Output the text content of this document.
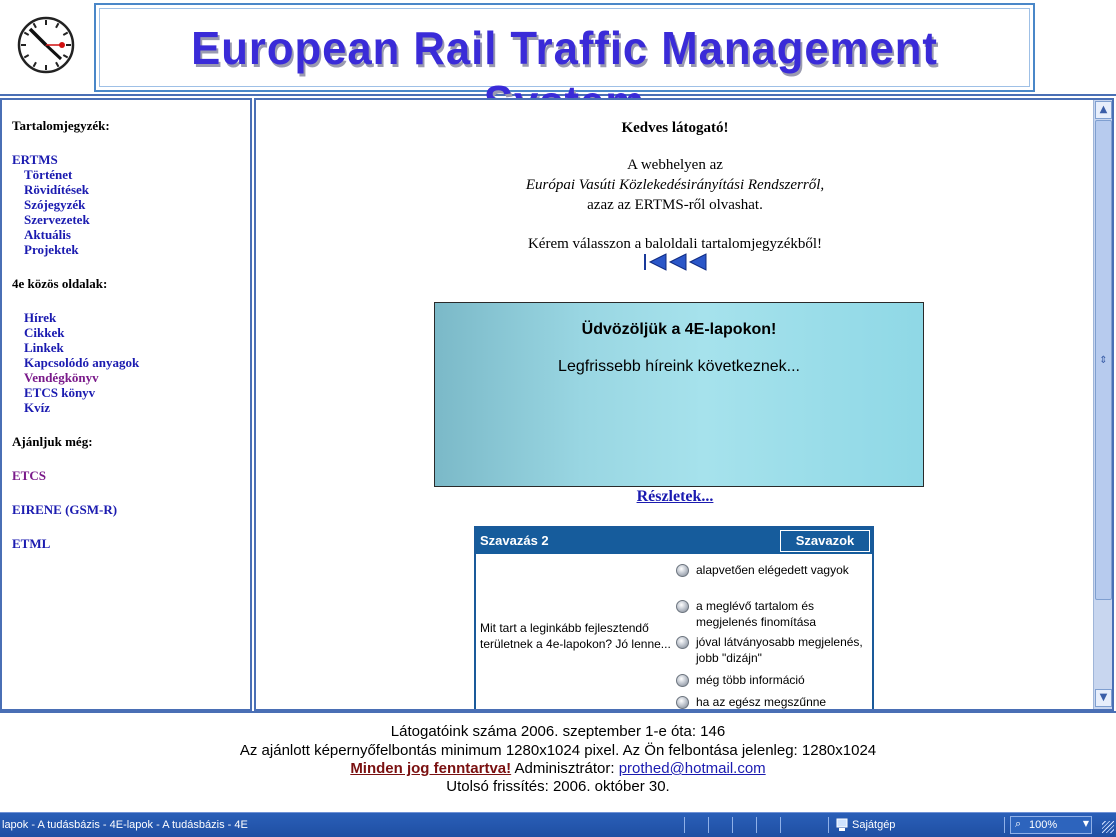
European Rail Traffic Management
Tartalomjegyzék:
ERTMS
Történet
Rövidítések
Szójegyzék
Szervezetek
Aktuális
Projektek
4e közös oldalak:
Hírek
Cikkek
Linkek
Kapcsolódó anyagok
Vendégkönyv
ETCS könyv
Kvíz
Ajánljuk még:
ETCS
EIRENE (GSM-R)
ETML
Kedves látogató!
A webhelyen az
Európai Vasúti Közlekedésirányítási Rendszerről,
azaz az ERTMS-ről olvashat.
Kérem válasszon a baloldali tartalomjegyzékből!
Üdvözöljük a 4E-lapokon!
Legfrissebb híreink következnek...
Részletek...
Szavazás 2	Szavazok
Mit tart a leginkább fejlesztendő területnek a 4e-lapokon? Jó lenne...
alapvetően elégedett vagyok
a meglévő tartalom és megjelenés finomítása
jóval látványosabb megjelenés, jobb "dizájn"
még több információ
ha az egész megszűnne
▲
⇕
▼
Látogatóink száma 2006. szeptember 1-e óta: 146
Az ajánlott képernyőfelbontás minimum 1280x1024 pixel. Az Ön felbontása jelenleg: 1280x1024
Minden jog fenntartva! Adminisztrátor: prothed@hotmail.com
Utolsó frissítés: 2006. október 30.
lapok - A tudásbázis - 4E-lapok - A tudásbázis - 4E	Sajátgép	⌕ 100%	▼
